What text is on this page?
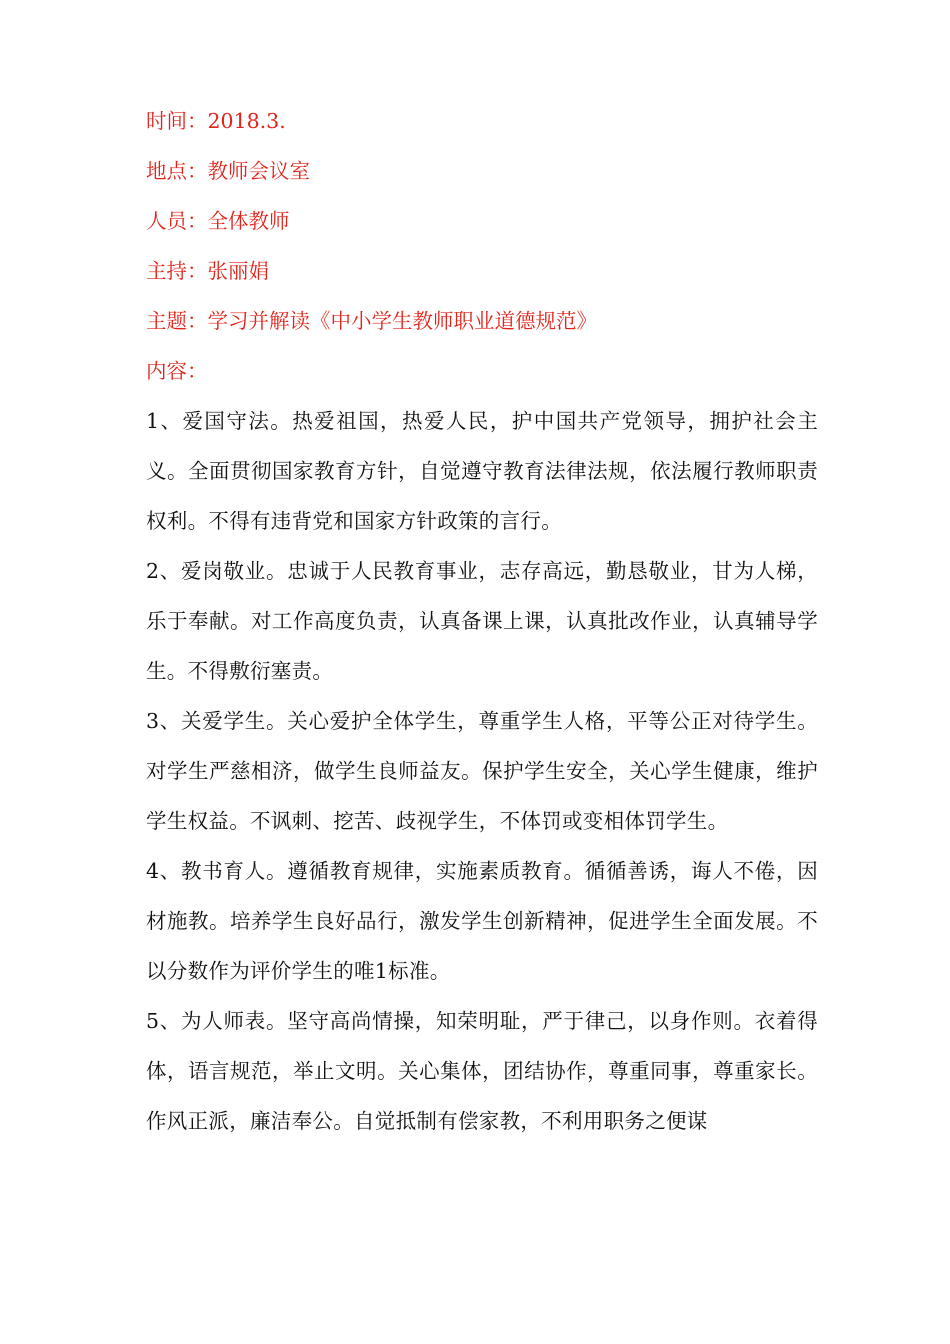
时间：2018.3.

地点：教师会议室

人员：全体教师

主持：张丽娟

主题：学习并解读《中小学生教师职业道德规范》

内容：

1、爱国守法。热爱祖国，热爱人民，护中国共产党领导，拥护社会主义。全面贯彻国家教育方针，自觉遵守教育法律法规，依法履行教师职责权利。不得有违背党和国家方针政策的言行。

2、爱岗敬业。忠诚于人民教育事业，志存高远，勤恳敬业，甘为人梯，乐于奉献。对工作高度负责，认真备课上课，认真批改作业，认真辅导学生。不得敷衍塞责。

3、关爱学生。关心爱护全体学生，尊重学生人格，平等公正对待学生。对学生严慈相济，做学生良师益友。保护学生安全，关心学生健康，维护学生权益。不讽刺、挖苦、歧视学生，不体罚或变相体罚学生。

4、教书育人。遵循教育规律，实施素质教育。循循善诱，诲人不倦，因材施教。培养学生良好品行，激发学生创新精神，促进学生全面发展。不以分数作为评价学生的唯1标准。

5、为人师表。坚守高尚情操，知荣明耻，严于律己，以身作则。衣着得体，语言规范，举止文明。关心集体，团结协作，尊重同事，尊重家长。作风正派，廉洁奉公。自觉抵制有偿家教，不利用职务之便谋
